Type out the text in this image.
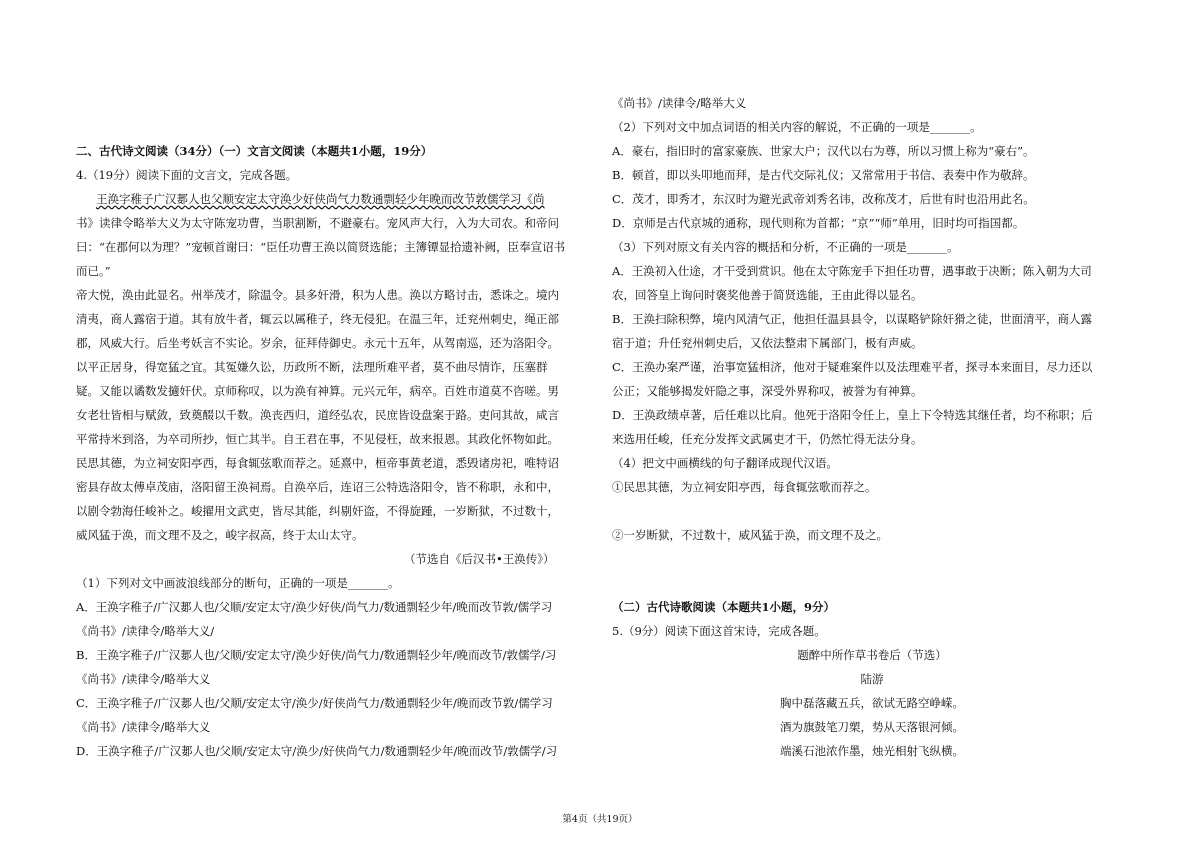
二、古代诗文阅读（34分）（一）文言文阅读（本题共1小题，19分）
4.（19分）阅读下面的文言文，完成各题。
王涣字稚子广汉郪人也父顺安定太守涣少好侠尚气力数通剽轻少年晚而改节敦儒学习《尚
书》读律令略举大义为太守陈宠功曹，当职割断，不避豪右。宠风声大行，入为大司农。和帝问
曰：“在郡何以为理？”宠顿首谢曰：“臣任功曹王涣以简贤选能；主簿镡显拾遗补阙，臣奉宣诏书
而已。”
帝大悦，涣由此显名。州举茂才，除温令。县多奸滑，积为人患。涣以方略讨击，悉诛之。境内
清夷，商人露宿于道。其有放牛者，辄云以属稚子，终无侵犯。在温三年，迁兖州刺史，绳正部
郡，风威大行。后坐考妖言不实论。岁余，征拜侍御史。永元十五年，从驾南巡，还为洛阳令。
以平正居身，得宽猛之宜。其冤嫌久讼，历政所不断，法理所难平者，莫不曲尽情诈，压塞群
疑。又能以谲数发擿奸伏。京师称叹，以为涣有神算。元兴元年，病卒。百姓市道莫不咨嗟。男
女老壮皆相与赋敛，致奠醊以千数。涣丧西归，道经弘农，民庶皆设盘案于路。吏问其故，咸言
平常持米到洛，为卒司所抄，恒亡其半。自王君在事，不见侵枉，故来报恩。其政化怀物如此。
民思其德，为立祠安阳亭西，每食辄弦歌而荐之。延熹中，桓帝事黄老道，悉毁诸房祀，唯特诏
密县存故太傅卓茂庙，洛阳留王涣祠焉。自涣卒后，连诏三公特选洛阳令，皆不称职，永和中，
以剧令勃海任峻补之。峻擢用文武吏，皆尽其能，纠剔奸盗，不得旋踵，一岁断狱，不过数十，
威风猛于涣，而文理不及之，峻字叔高，终于太山太守。
（节选自《后汉书•王涣传》）
（1）下列对文中画波浪线部分的断句，正确的一项是_______。
A．王涣字稚子/广汉郪人也/父顺/安定太守/涣少好侠/尚气力/数通剽轻少年/晚而改节敦/儒学习
《尚书》/读律令/略举大义/
B．王涣字稚子/广汉郪人也/父顺/安定太守/涣少好侠/尚气力/数通剽轻少年/晚而改节/敦儒学/习
《尚书》/读律令/略举大义
C．王涣字稚子/广汉郪人也/父顺/安定太守/涣少/好侠尚气力/数通剽轻少年/晚而改节敦/儒学习
《尚书》/读律令/略举大义
D．王涣字稚子/广汉郪人也/父顺/安定太守/涣少/好侠尚气力/数通剽轻少年/晚而改节/敦儒学/习
《尚书》/读律令/略举大义
（2）下列对文中加点词语的相关内容的解说，不正确的一项是_______。
A．豪右，指旧时的富家豪族、世家大户；汉代以右为尊，所以习惯上称为“豪右”。
B．顿首，即以头叩地而拜，是古代交际礼仪；又常常用于书信、表奏中作为敬辞。
C．茂才，即秀才，东汉时为避光武帝刘秀名讳，改称茂才，后世有时也沿用此名。
D．京师是古代京城的通称，现代则称为首都；“京”“师”单用，旧时均可指国都。
（3）下列对原文有关内容的概括和分析，不正确的一项是_______。
A．王涣初入仕途，才干受到赏识。他在太守陈宠手下担任功曹，遇事敢于决断；陈入朝为大司
农，回答皇上询问时褒奖他善于简贤选能，王由此得以显名。
B．王涣扫除积弊，境内风清气正，他担任温县县令，以谋略铲除奸猾之徒，世面清平，商人露
宿于道；升任兖州刺史后，又依法整肃下属部门，极有声威。
C．王涣办案严谨，治事宽猛相济，他对于疑难案件以及法理难平者，探寻本来面目，尽力还以
公正；又能够揭发奸隐之事，深受外界称叹，被誉为有神算。
D．王涣政绩卓著，后任难以比肩。他死于洛阳令任上，皇上下令特选其继任者，均不称职；后
来选用任峻，任充分发挥文武属吏才干，仍然忙得无法分身。
（4）把文中画横线的句子翻译成现代汉语。
①民思其德，为立祠安阳亭西，每食辄弦歌而荐之。
②一岁断狱，不过数十，威风猛于涣，而文理不及之。
（二）古代诗歌阅读（本题共1小题，9分）
5.（9分）阅读下面这首宋诗，完成各题。
题醉中所作草书卷后（节选）
陆游
胸中磊落藏五兵，欲试无路空峥嵘。
酒为旗鼓笔刀槊，势从天落银河倾。
端溪石池浓作墨，烛光相射飞纵横。
第4页（共19页）
